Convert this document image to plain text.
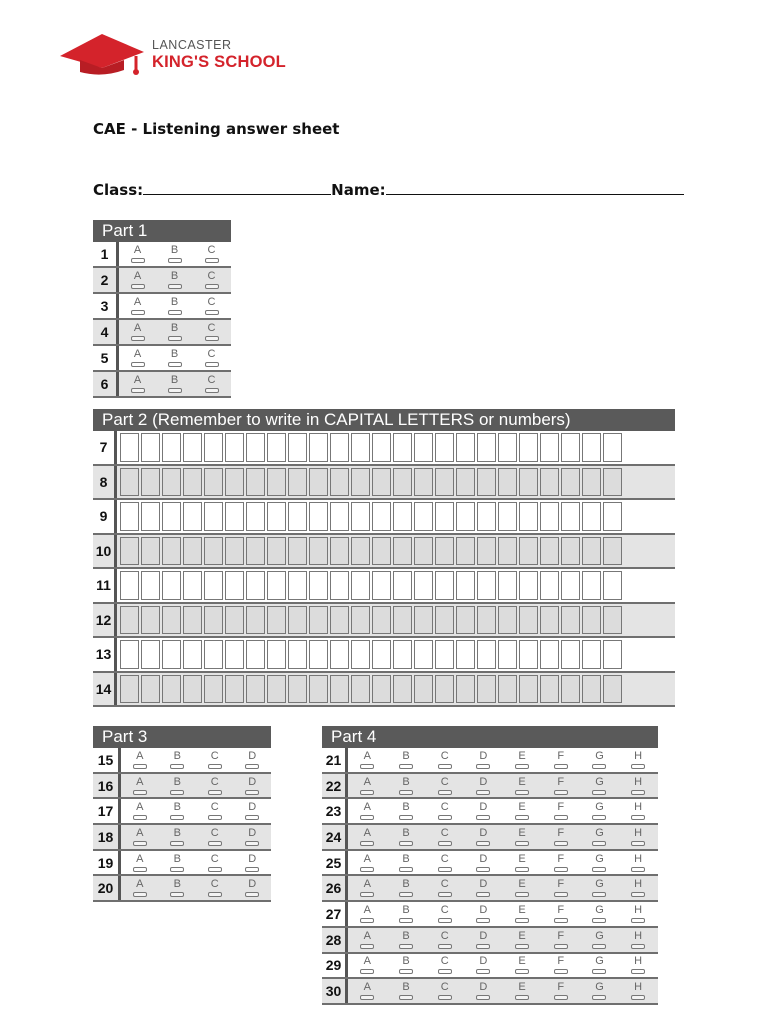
LANCASTER
KING'S SCHOOL
CAE - Listening answer sheet
Class:	Name:
Part 1
1	A	B	C
2	A	B	C
3	A	B	C
4	A	B	C
5	A	B	C
6	A	B	C
Part 2 (Remember to write in CAPITAL LETTERS or numbers)
7
8
9
10
11
12
13
14
Part 3
15	A	B	C	D
16	A	B	C	D
17	A	B	C	D
18	A	B	C	D
19	A	B	C	D
20	A	B	C	D
Part 4
21	A	B	C	D	E	F	G	H
22	A	B	C	D	E	F	G	H
23	A	B	C	D	E	F	G	H
24	A	B	C	D	E	F	G	H
25	A	B	C	D	E	F	G	H
26	A	B	C	D	E	F	G	H
27	A	B	C	D	E	F	G	H
28	A	B	C	D	E	F	G	H
29	A	B	C	D	E	F	G	H
30	A	B	C	D	E	F	G	H
